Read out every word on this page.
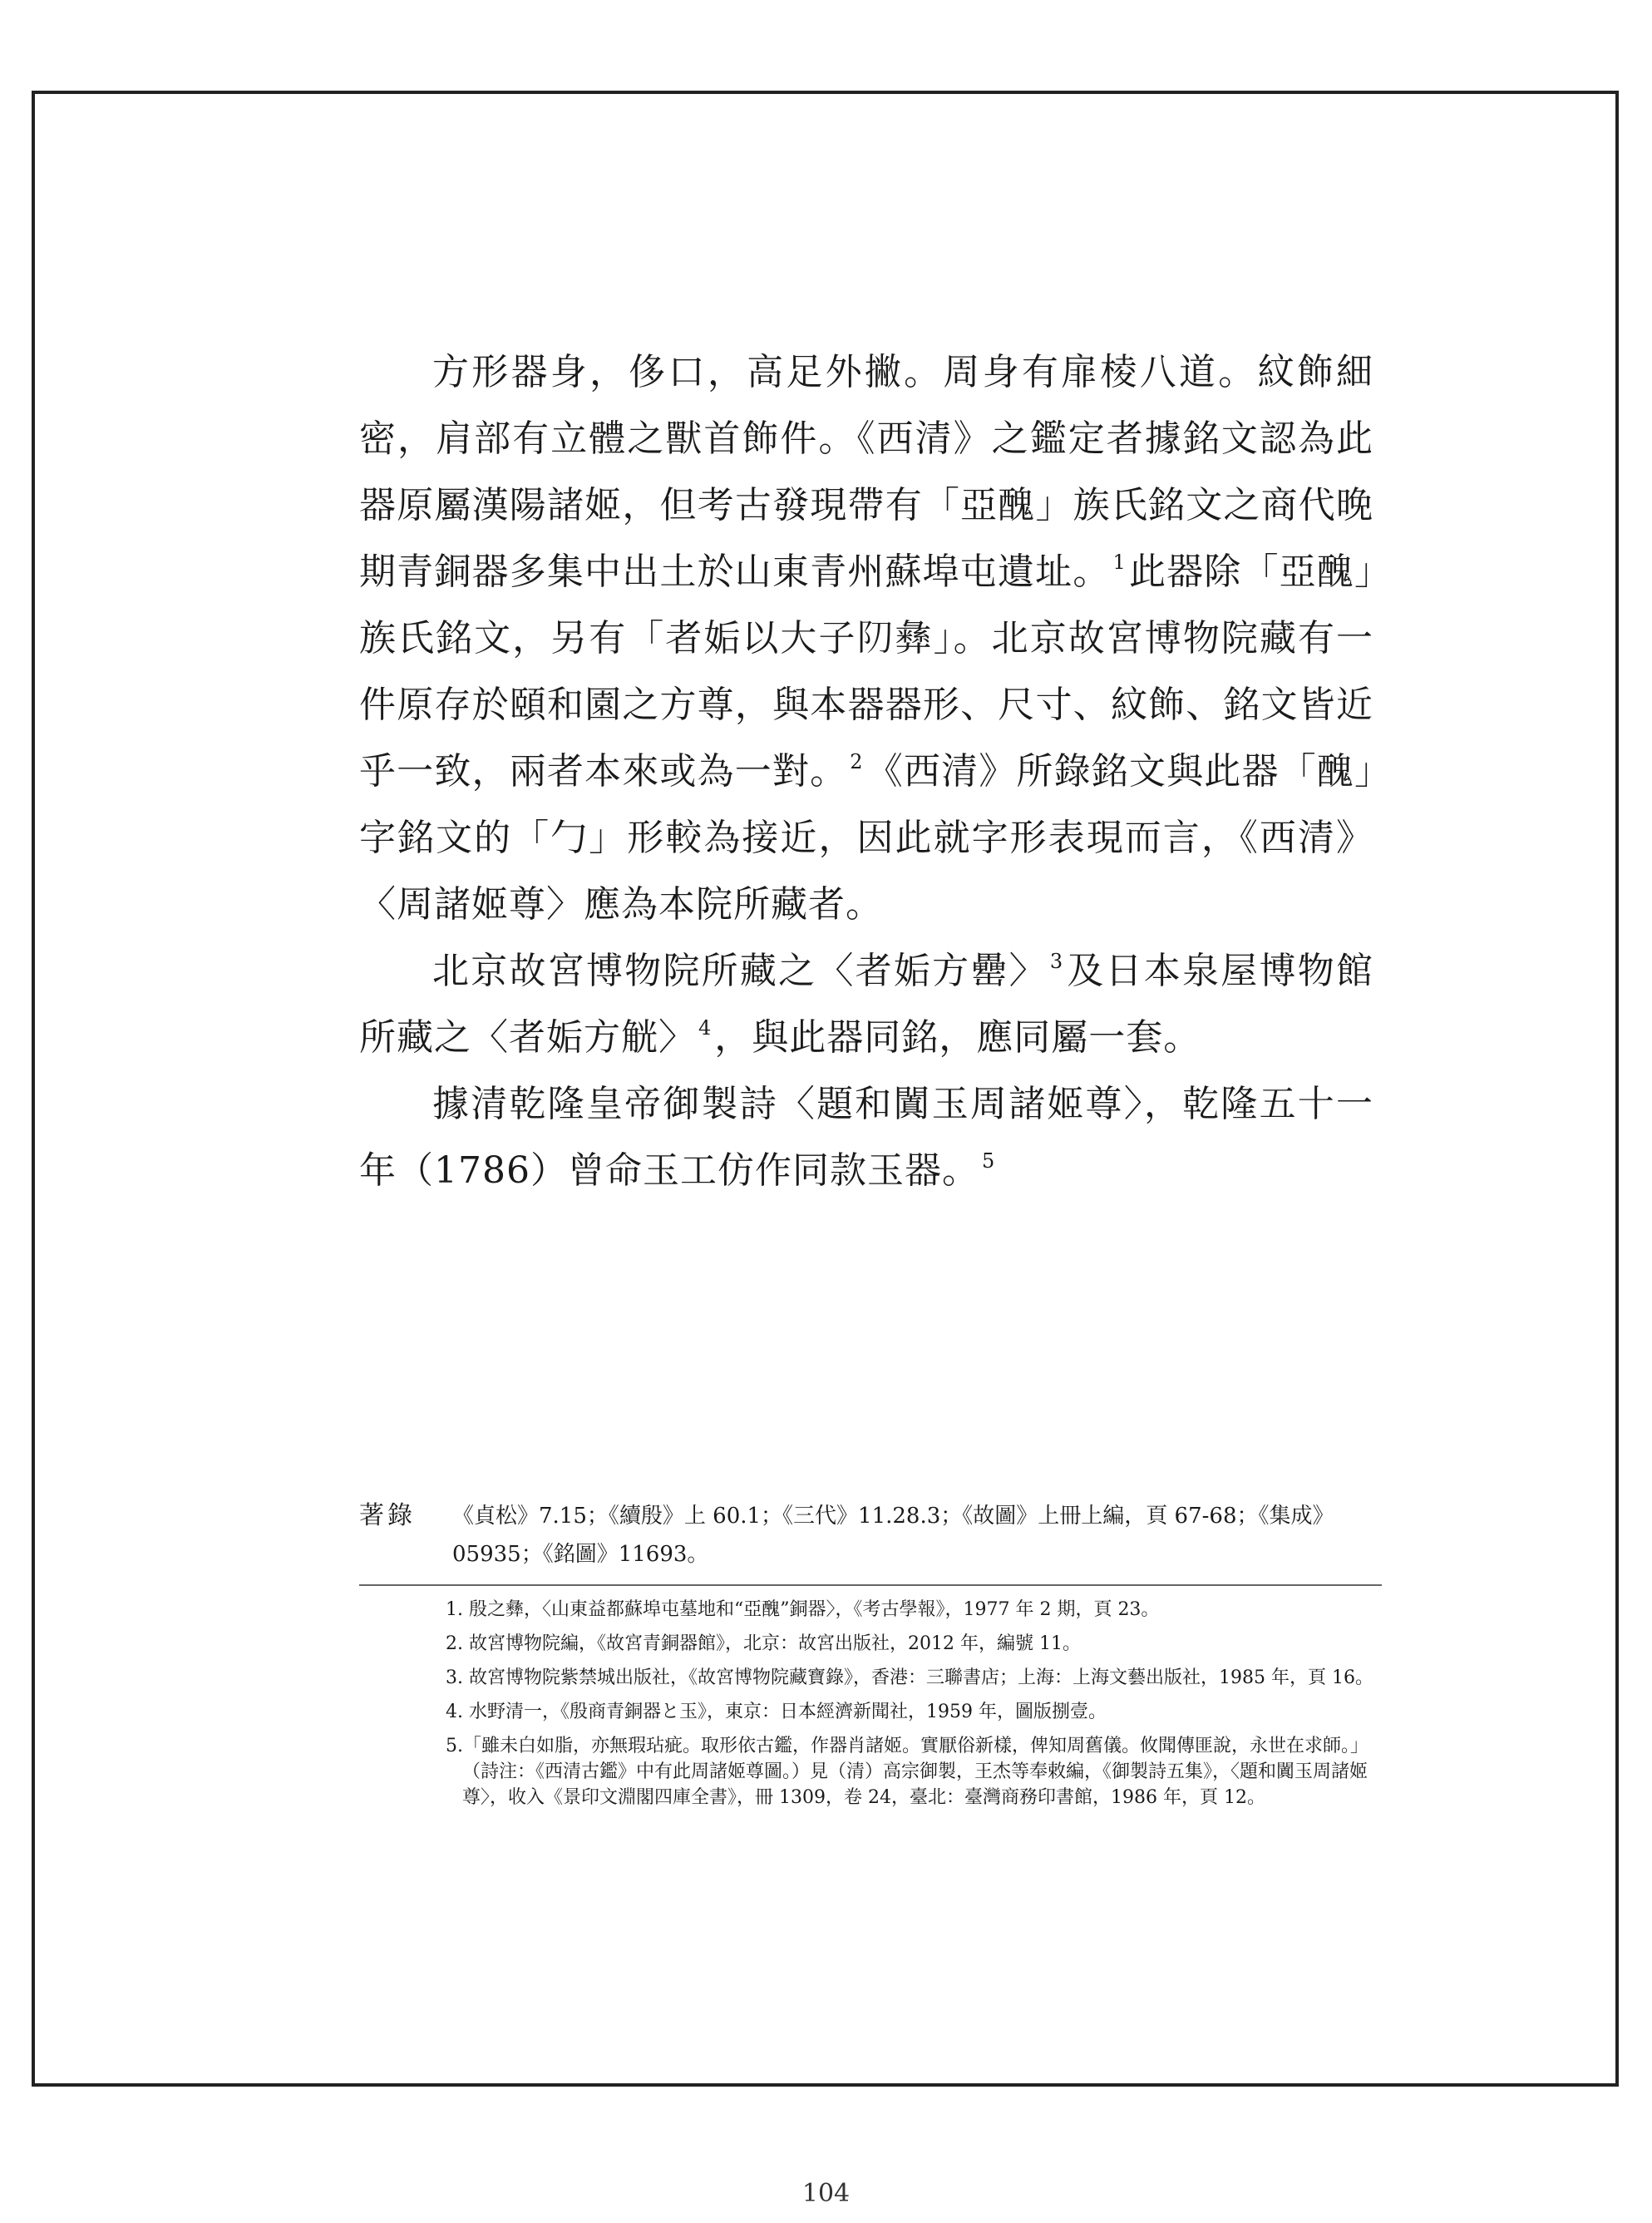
方形器身，侈口，高足外撇。周身有扉棱八道。紋飾細密，肩部有立體之獸首飾件。《西清》之鑑定者據銘文認為此器原屬漢陽諸姬，但考古發現帶有「亞醜」族氏銘文之商代晚期青銅器多集中出土於山東青州蘇埠屯遺址。 $^1$此器除「亞醜」族氏銘文，另有「者姤以大子𨸓彝」。北京故宮博物院藏有一件原存於頤和園之方尊，與本器器形、尺寸、紋飾、銘文皆近乎一致，兩者本來或為一對。 $^2$《西清》所錄銘文與此器「醜」字銘文的「勹」形較為接近，因此就字形表現而言，《西清》〈周諸姬尊〉應為本院所藏者。
北京故宮博物院所藏之〈者姤方罍〉 $^3$及日本泉屋博物館所藏之〈者姤方觥〉 $^4$，與此器同銘，應同屬一套。
據清乾隆皇帝御製詩〈題和闐玉周諸姬尊〉，乾隆五十一年（1786）曾命玉工仿作同款玉器。 $^5$
著錄 《貞松》7.15；《續殷》上 60.1；《三代》11.28.3；《故圖》上冊上編，頁 67-68；《集成》05935；《銘圖》11693。
1. 殷之彝，〈山東益都蘇埠屯墓地和“亞醜”銅器〉，《考古學報》，1977 年 2 期，頁 23。
2. 故宮博物院編，《故宮青銅器館》，北京：故宮出版社，2012 年，編號 11。
3. 故宮博物院紫禁城出版社，《故宮博物院藏寶錄》，香港：三聯書店；上海：上海文藝出版社，1985 年，頁 16。
4. 水野清一，《殷商青銅器と玉》，東京：日本經濟新聞社，1959 年，圖版捌壹。
5.「雖未白如脂，亦無瑕玷疵。取形依古鑑，作器肖諸姬。實厭俗新樣，俾知周舊儀。攸聞傳匪說，永世在求師。」（詩注：《西清古鑑》中有此周諸姬尊圖。）見（清）高宗御製，王杰等奉敕編，《御製詩五集》，〈題和闐玉周諸姬尊〉，收入《景印文淵閣四庫全書》，冊 1309，卷 24，臺北：臺灣商務印書館，1986 年，頁 12。
104
